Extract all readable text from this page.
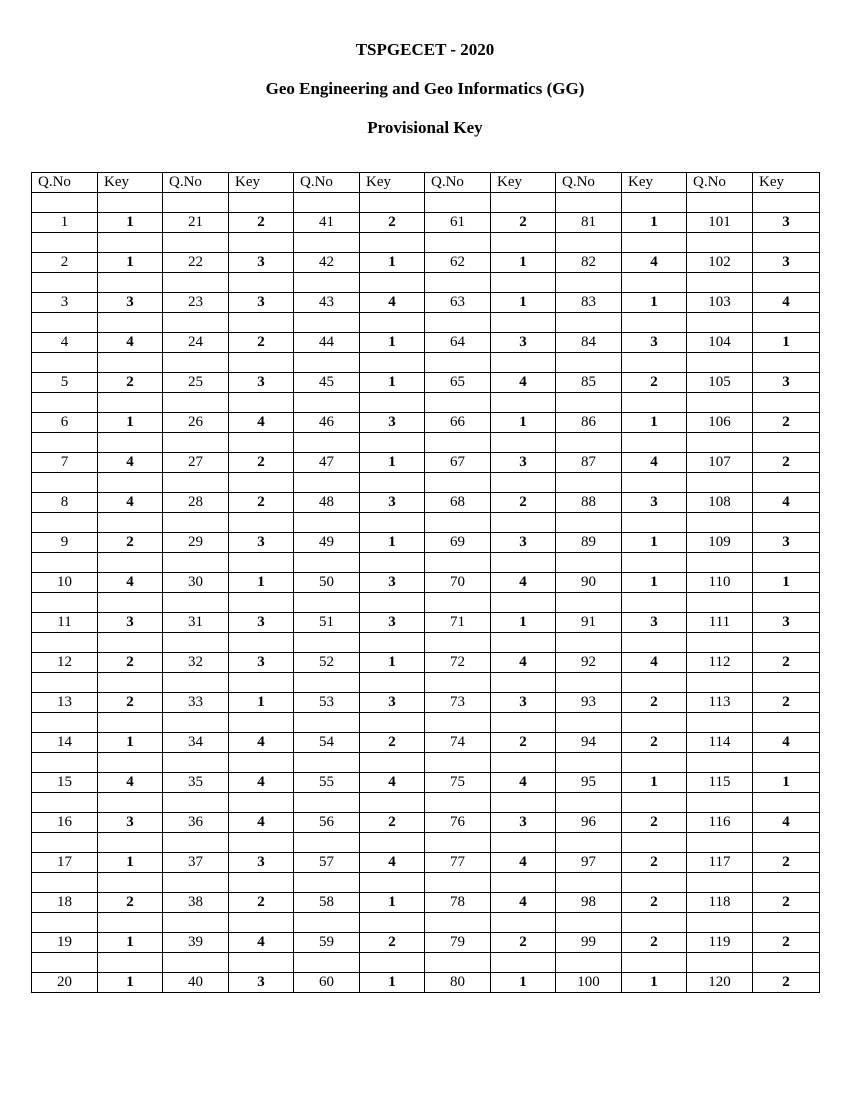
TSPGECET - 2020

Geo Engineering and Geo Informatics (GG)

Provisional Key

Q.No	Key	Q.No	Key	Q.No	Key	Q.No	Key	Q.No	Key	Q.No	Key

1	1	21	2	41	2	61	2	81	1	101	3

2	1	22	3	42	1	62	1	82	4	102	3

3	3	23	3	43	4	63	1	83	1	103	4

4	4	24	2	44	1	64	3	84	3	104	1

5	2	25	3	45	1	65	4	85	2	105	3

6	1	26	4	46	3	66	1	86	1	106	2

7	4	27	2	47	1	67	3	87	4	107	2

8	4	28	2	48	3	68	2	88	3	108	4

9	2	29	3	49	1	69	3	89	1	109	3

10	4	30	1	50	3	70	4	90	1	110	1

11	3	31	3	51	3	71	1	91	3	111	3

12	2	32	3	52	1	72	4	92	4	112	2

13	2	33	1	53	3	73	3	93	2	113	2

14	1	34	4	54	2	74	2	94	2	114	4

15	4	35	4	55	4	75	4	95	1	115	1

16	3	36	4	56	2	76	3	96	2	116	4

17	1	37	3	57	4	77	4	97	2	117	2

18	2	38	2	58	1	78	4	98	2	118	2

19	1	39	4	59	2	79	2	99	2	119	2

20	1	40	3	60	1	80	1	100	1	120	2
